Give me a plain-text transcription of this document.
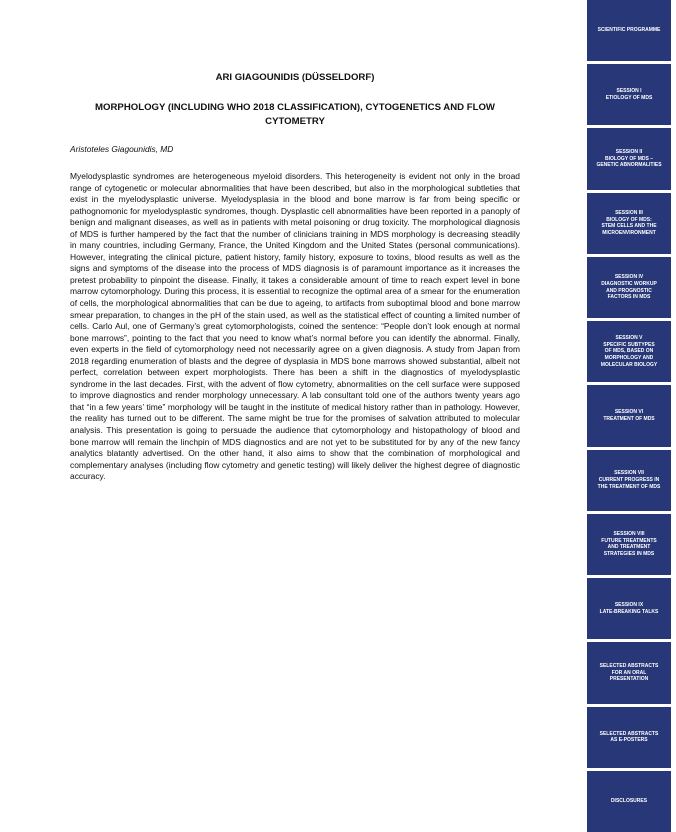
ARI GIAGOUNIDIS (DÜSSELDORF)
MORPHOLOGY (INCLUDING WHO 2018 CLASSIFICATION), CYTOGENETICS AND FLOW CYTOMETRY
Aristoteles Giagounidis, MD

Myelodysplastic syndromes are heterogeneous myeloid disorders. This heterogeneity is evident not only in the broad range of cytogenetic or molecular abnormalities that have been described, but also in the morphological subtleties that exist in the myelodysplastic universe. Myelodysplasia in the blood and bone marrow is far from being specific or pathognomonic for myelodysplastic syndromes, though. Dysplastic cell abnormalities have been reported in a panoply of benign and malignant diseases, as well as in patients with metal poisoning or drug toxicity. The morphological diagnosis of MDS is further hampered by the fact that the number of clinicians training in MDS morphology is decreasing steadily in many countries, including Germany, France, the United Kingdom and the United States (personal communications). However, integrating the clinical picture, patient history, family history, exposure to toxins, blood results as well as the signs and symptoms of the disease into the process of MDS diagnosis is of paramount importance as it increases the pretest probability to pinpoint the disease. Finally, it takes a considerable amount of time to reach expert level in bone marrow cytomorphology. During this process, it is essential to recognize the optimal area of a smear for the enumeration of cells, the morphological abnormalities that can be due to ageing, to artifacts from suboptimal blood and bone marrow smear preparation, to changes in the pH of the stain used, as well as the statistical effect of counting a limited number of cells. Carlo Aul, one of Germany’s great cytomorphologists, coined the sentence: “People don’t look enough at normal bone marrows”, pointing to the fact that you need to know what’s normal before you can identify the abnormal. Finally, even experts in the field of cytomorphology need not necessarily agree on a given diagnosis. A study from Japan from 2018 regarding enumeration of blasts and the degree of dysplasia in MDS bone marrows showed substantial, albeit not perfect, correlation between expert morphologists. There has been a shift in the diagnostics of myelodysplastic syndrome in the last decades. First, with the advent of flow cytometry, abnormalities on the cell surface were supposed to improve diagnostics and render morphology unnecessary. A lab consultant told one of the authors twenty years ago that “in a few years’ time” morphology will be taught in the institute of medical history rather than in pathology. However, the reality has turned out to be different. The same might be true for the promises of salvation attributed to molecular analysis. This presentation is going to persuade the audience that cytomorphology and histopathology of blood and bone marrow will remain the linchpin of MDS diagnostics and are not yet to be substituted for by any of the new fancy analytics blatantly advertised. On the other hand, it also aims to show that the combination of morphological and complementary analyses (including flow cytometry and genetic testing) will likely deliver the highest degree of diagnostic accuracy.

SCIENTIFIC PROGRAMME
SESSION I
ETIOLOGY OF MDS
SESSION II
BIOLOGY OF MDS –
GENETIC ABNORMALITIES
SESSION III
BIOLOGY OF MDS:
STEM CELLS AND THE
MICROENVIRONMENT
SESSION IV
DIAGNOSTIC WORKUP
AND PROGNOSTIC
FACTORS IN MDS
SESSION V
SPECIFIC SUBTYPES
OF MDS, BASED ON
MORPHOLOGY AND
MOLECULAR BIOLOGY
SESSION VI
TREATMENT OF MDS
SESSION VII
CURRENT PROGRESS IN
THE TREATMENT OF MDS
SESSION VIII
FUTURE TREATMENTS
AND TREATMENT
STRATEGIES IN MDS
SESSION IX
LATE-BREAKING TALKS
SELECTED ABSTRACTS
FOR AN ORAL
PRESENTATION
SELECTED ABSTRACTS
AS E-POSTERS
DISCLOSURES
